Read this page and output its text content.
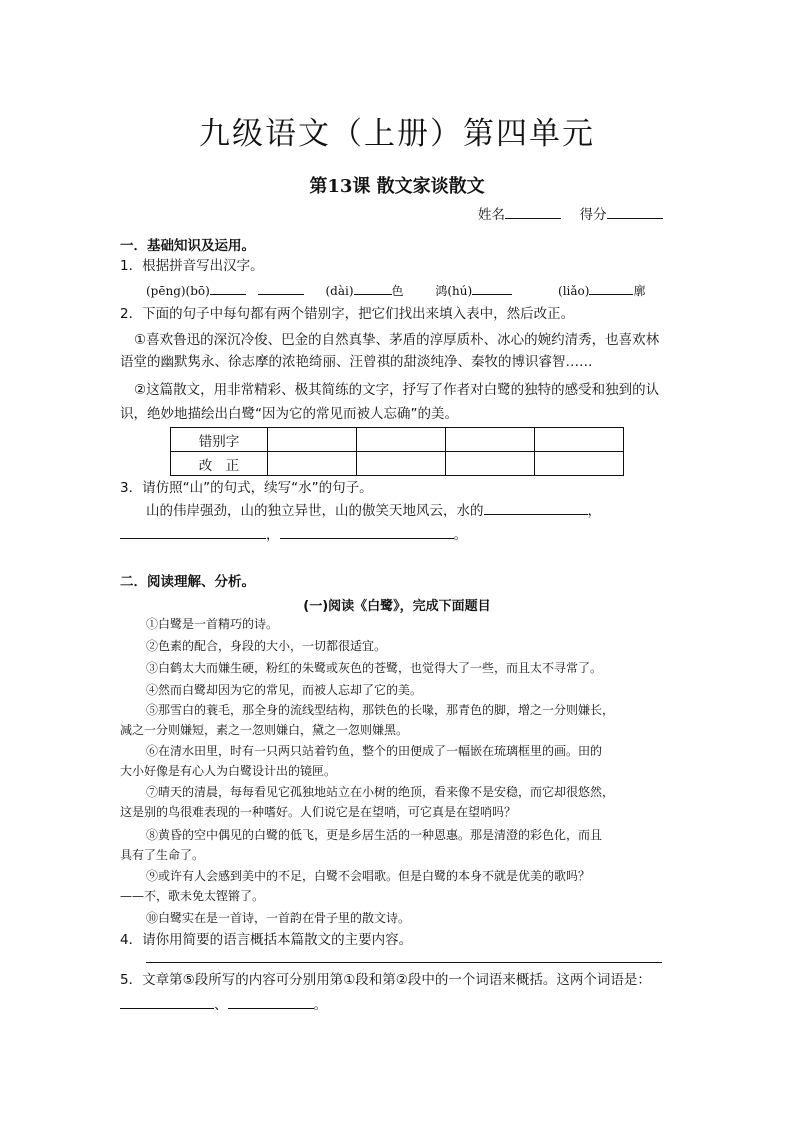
九级语文（上册）第四单元
第13课 散文家谈散文
姓名	得分
一．基础知识及运用。
1．根据拼音写出汉字。
(pēng)(bō)	(dài)	色	鸿(hú)	(liǎo)	廓
2．下面的句子中每句都有两个错别字，把它们找出来填入表中，然后改正。
①喜欢鲁迅的深沉冷俊、巴金的自然真挚、茅盾的淳厚质朴、冰心的婉约清秀，也喜欢林
语堂的幽默隽永、徐志摩的浓艳绮丽、汪曾祺的甜淡纯净、秦牧的博识睿智……
②这篇散文，用非常精彩、极其简练的文字，抒写了作者对白鹭的独特的感受和独到的认
识，绝妙地描绘出白鹭“因为它的常见而被人忘确”的美。
错别字				
改　正				
3．请仿照“山”的句式，续写“水”的句子。
山的伟岸强劲，山的独立异世，山的傲笑天地风云，水的	，
，	。
二．阅读理解、分析。
(一)阅读《白鹭》，完成下面题目
①白鹭是一首精巧的诗。
②色素的配合，身段的大小，一切都很适宜。
③白鹤太大而嫌生硬，粉红的朱鹭或灰色的苍鹭，也觉得大了一些，而且太不寻常了。
④然而白鹭却因为它的常见，而被人忘却了它的美。
⑤那雪白的蓑毛，那全身的流线型结构，那铁色的长喙，那青色的脚，增之一分则嫌长，
减之一分则嫌短，素之一忽则嫌白，黛之一忽则嫌黑。
⑥在清水田里，时有一只两只站着钓鱼，整个的田便成了一幅嵌在琉璃框里的画。田的
大小好像是有心人为白鹭设计出的镜匣。
⑦晴天的清晨，每每看见它孤独地站立在小树的绝顶，看来像不是安稳，而它却很悠然，
这是别的鸟很难表现的一种嗜好。人们说它是在望哨，可它真是在望哨吗？
⑧黄昏的空中偶见的白鹭的低飞，更是乡居生活的一种恩惠。那是清澄的彩色化，而且
具有了生命了。
⑨或许有人会感到美中的不足，白鹭不会唱歌。但是白鹭的本身不就是优美的歌吗？
——不，歌未免太铿锵了。
⑩白鹭实在是一首诗，一首韵在骨子里的散文诗。
4．请你用简要的语言概括本篇散文的主要内容。
5．文章第⑤段所写的内容可分别用第①段和第②段中的一个词语来概括。这两个词语是：
、	。
